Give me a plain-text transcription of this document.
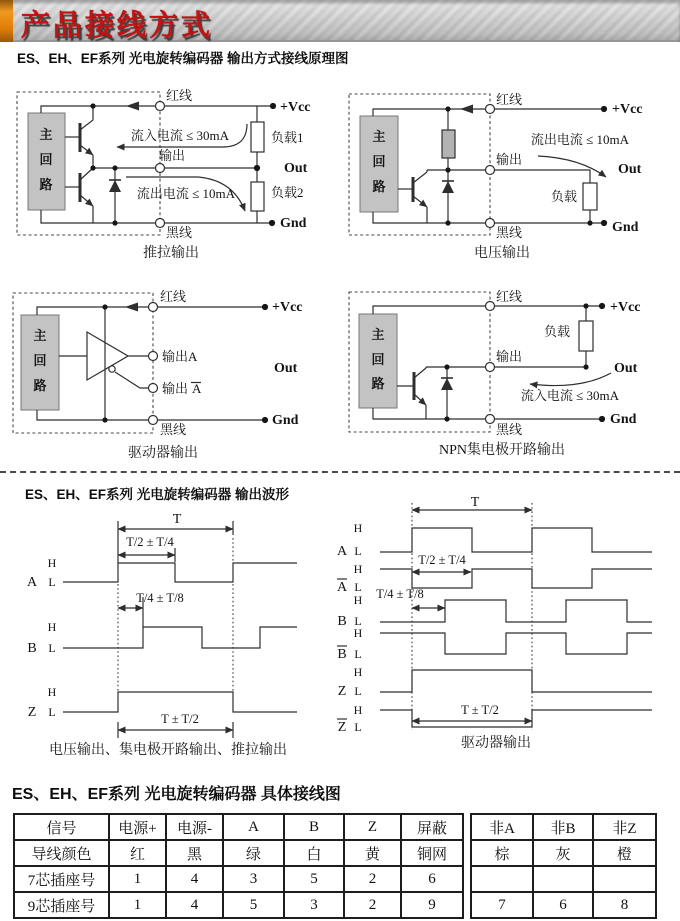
产品接线方式
ES、EH、EF系列 光电旋转编码器 输出方式接线原理图
主
回
路
红线
流入电流 ≤ 30mA
输出
流出电流 ≤ 10mA
黑线
+Vcc
负载1
Out
负载2
Gnd
推拉输出
主
回
路
红线
流出电流 ≤ 10mA
输出
负载
+Vcc
Out
Gnd
黑线
电压输出
主
回
路
红线
输出A
输出 A
黑线
+Vcc
Out
Gnd
驱动器输出
主
回
路
红线
负载
输出
流入电流 ≤ 30mA
+Vcc
Out
Gnd
黑线
NPN集电极开路输出
ES、EH、EF系列 光电旋转编码器 输出波形
T
T/2 ± T/4
T/4 ± T/8
T ± T/2
A
H
L
B
H
L
Z
H
L
电压输出、集电极开路输出、推拉输出
T
T/2 ± T/4
T/4 ± T/8
T ± T/2
A
H
L
A
H
L
B
H
L
B
H
L
Z
H
L
Z
H
L
驱动器输出
ES、EH、EF系列 光电旋转编码器 具体接线图
信号	电源+	电源-	A	B	Z	屏蔽
导线颜色	红	黑	绿	白	黄	铜网
7芯插座号	1	4	3	5	2	6
9芯插座号	1	4	5	3	2	9
非A	非B	非Z
棕	灰	橙

7	6	8
